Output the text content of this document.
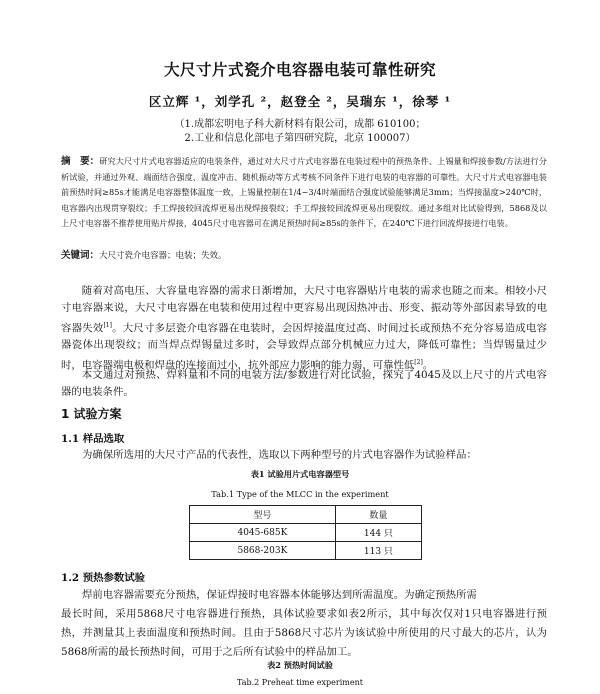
大尺寸片式瓷介电容器电装可靠性研究
区立辉 ¹，刘学孔 ²，赵登全 ²，吴瑞东 ¹，徐琴 ¹
（1.成都宏明电子科大新材料有限公司，成都 610100；
2.工业和信息化部电子第四研究院，北京 100007）
摘　要：研究大尺寸片式电容器适应的电装条件，通过对大尺寸片式电容器在电装过程中的预热条件、上锡量和焊接参数/方法进行分析试验，并通过外观、端面结合强度、温度冲击、随机振动等方式考核不同条件下进行电装的电容器的可靠性。大尺寸片式电容器电装前预热时间≥85s才能满足电容器整体温度一致，上锡量控制在1/4~3/4时端面结合强度试验能够满足3mm；当焊接温度>240℃时，电容器内出现贯穿裂纹；手工焊接较回流焊更易出现焊接裂纹；手工焊接较回流焊更易出现裂纹。通过多组对比试验得到，5868及以上尺寸电容器不推荐使用贴片焊接，4045尺寸电容器可在满足预热时间≥85s的条件下，在240℃下进行回流焊接进行电装。
关键词：大尺寸瓷介电容器；电装；失效。
随着对高电压、大容量电容器的需求日渐增加，大尺寸电容器贴片电装的需求也随之而来。相较小尺寸电容器来说，大尺寸电容器在电装和使用过程中更容易出现因热冲击、形变、振动等外部因素导致的电容器失效[1]。大尺寸多层瓷介电容器在电装时，会因焊接温度过高、时间过长或预热不充分容易造成电容器瓷体出现裂纹；而当焊点焊锡量过多时，会导致焊点部分机械应力过大，降低可靠性；当焊锡量过少时，电容器端电极和焊盘的连接面过小，抗外部应力影响的能力弱，可靠性低[2]。
本文通过对预热、焊料量和不同的电装方法/参数进行对比试验，探究了4045及以上尺寸的片式电容器的电装条件。
1 试验方案
1.1 样品选取
为确保所选用的大尺寸产品的代表性，选取以下两种型号的片式电容器作为试验样品：
表1 试验用片式电容器型号
Tab.1 Type of the MLCC in the experiment
型号	数量
4045-685K	144 只
5868-203K	113 只
1.2 预热参数试验
焊前电容器需要充分预热，保证焊接时电容器本体能够达到所需温度。为确定预热所需
最长时间，采用5868尺寸电容器进行预热，具体试验要求如表2所示，其中每次仅对1只电容器进行预热，并测量其上表面温度和预热时间。且由于5868尺寸芯片为该试验中所使用的尺寸最大的芯片，认为5868所需的最长预热时间，可用于之后所有试验中的样品加工。
表2 预热时间试验
Tab.2 Preheat time experiment
